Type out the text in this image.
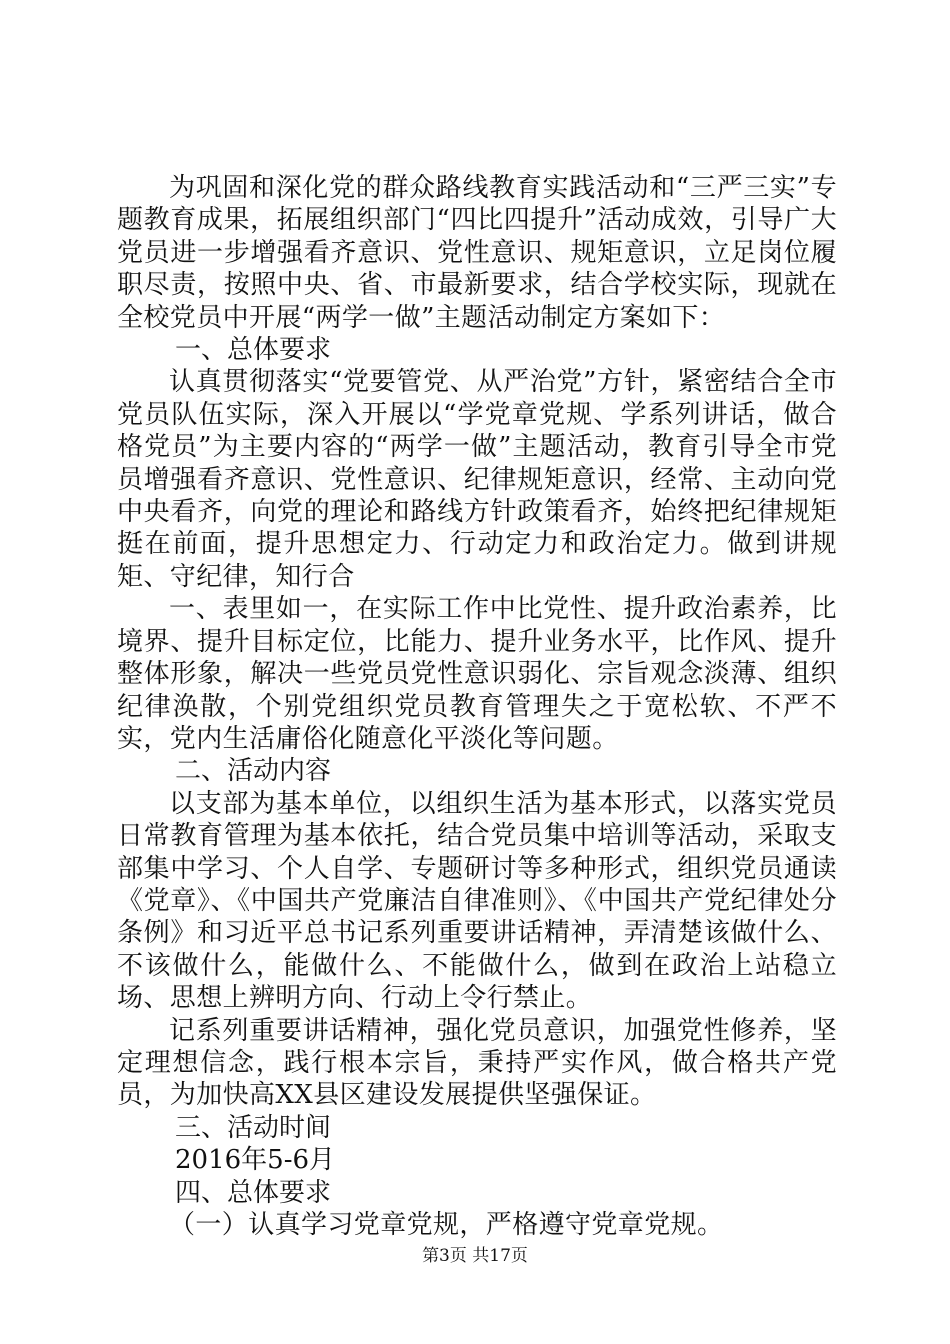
为巩固和深化党的群众路线教育实践活动和“三严三实”专题教育成果，拓展组织部门“四比四提升”活动成效，引导广大党员进一步增强看齐意识、党性意识、规矩意识，立足岗位履职尽责，按照中央、省、市最新要求，结合学校实际，现就在全校党员中开展“两学一做”主题活动制定方案如下：

一、总体要求

认真贯彻落实“党要管党、从严治党”方针，紧密结合全市党员队伍实际，深入开展以“学党章党规、学系列讲话，做合格党员”为主要内容的“两学一做”主题活动，教育引导全市党员增强看齐意识、党性意识、纪律规矩意识，经常、主动向党中央看齐，向党的理论和路线方针政策看齐，始终把纪律规矩挺在前面，提升思想定力、行动定力和政治定力。做到讲规矩、守纪律，知行合

一、表里如一，在实际工作中比党性、提升政治素养，比境界、提升目标定位，比能力、提升业务水平，比作风、提升整体形象，解决一些党员党性意识弱化、宗旨观念淡薄、组织纪律涣散，个别党组织党员教育管理失之于宽松软、不严不实，党内生活庸俗化随意化平淡化等问题。

二、活动内容

以支部为基本单位，以组织生活为基本形式，以落实党员日常教育管理为基本依托，结合党员集中培训等活动，采取支部集中学习、个人自学、专题研讨等多种形式，组织党员通读《党章》、《中国共产党廉洁自律准则》、《中国共产党纪律处分条例》和习近平总书记系列重要讲话精神，弄清楚该做什么、不该做什么，能做什么、不能做什么，做到在政治上站稳立场、思想上辨明方向、行动上令行禁止。

记系列重要讲话精神，强化党员意识，加强党性修养，坚定理想信念，践行根本宗旨，秉持严实作风，做合格共产党员，为加快高XX县区建设发展提供坚强保证。

三、活动时间

2016年5-6月

四、总体要求

（一）认真学习党章党规，严格遵守党章党规。

第3页 共17页
